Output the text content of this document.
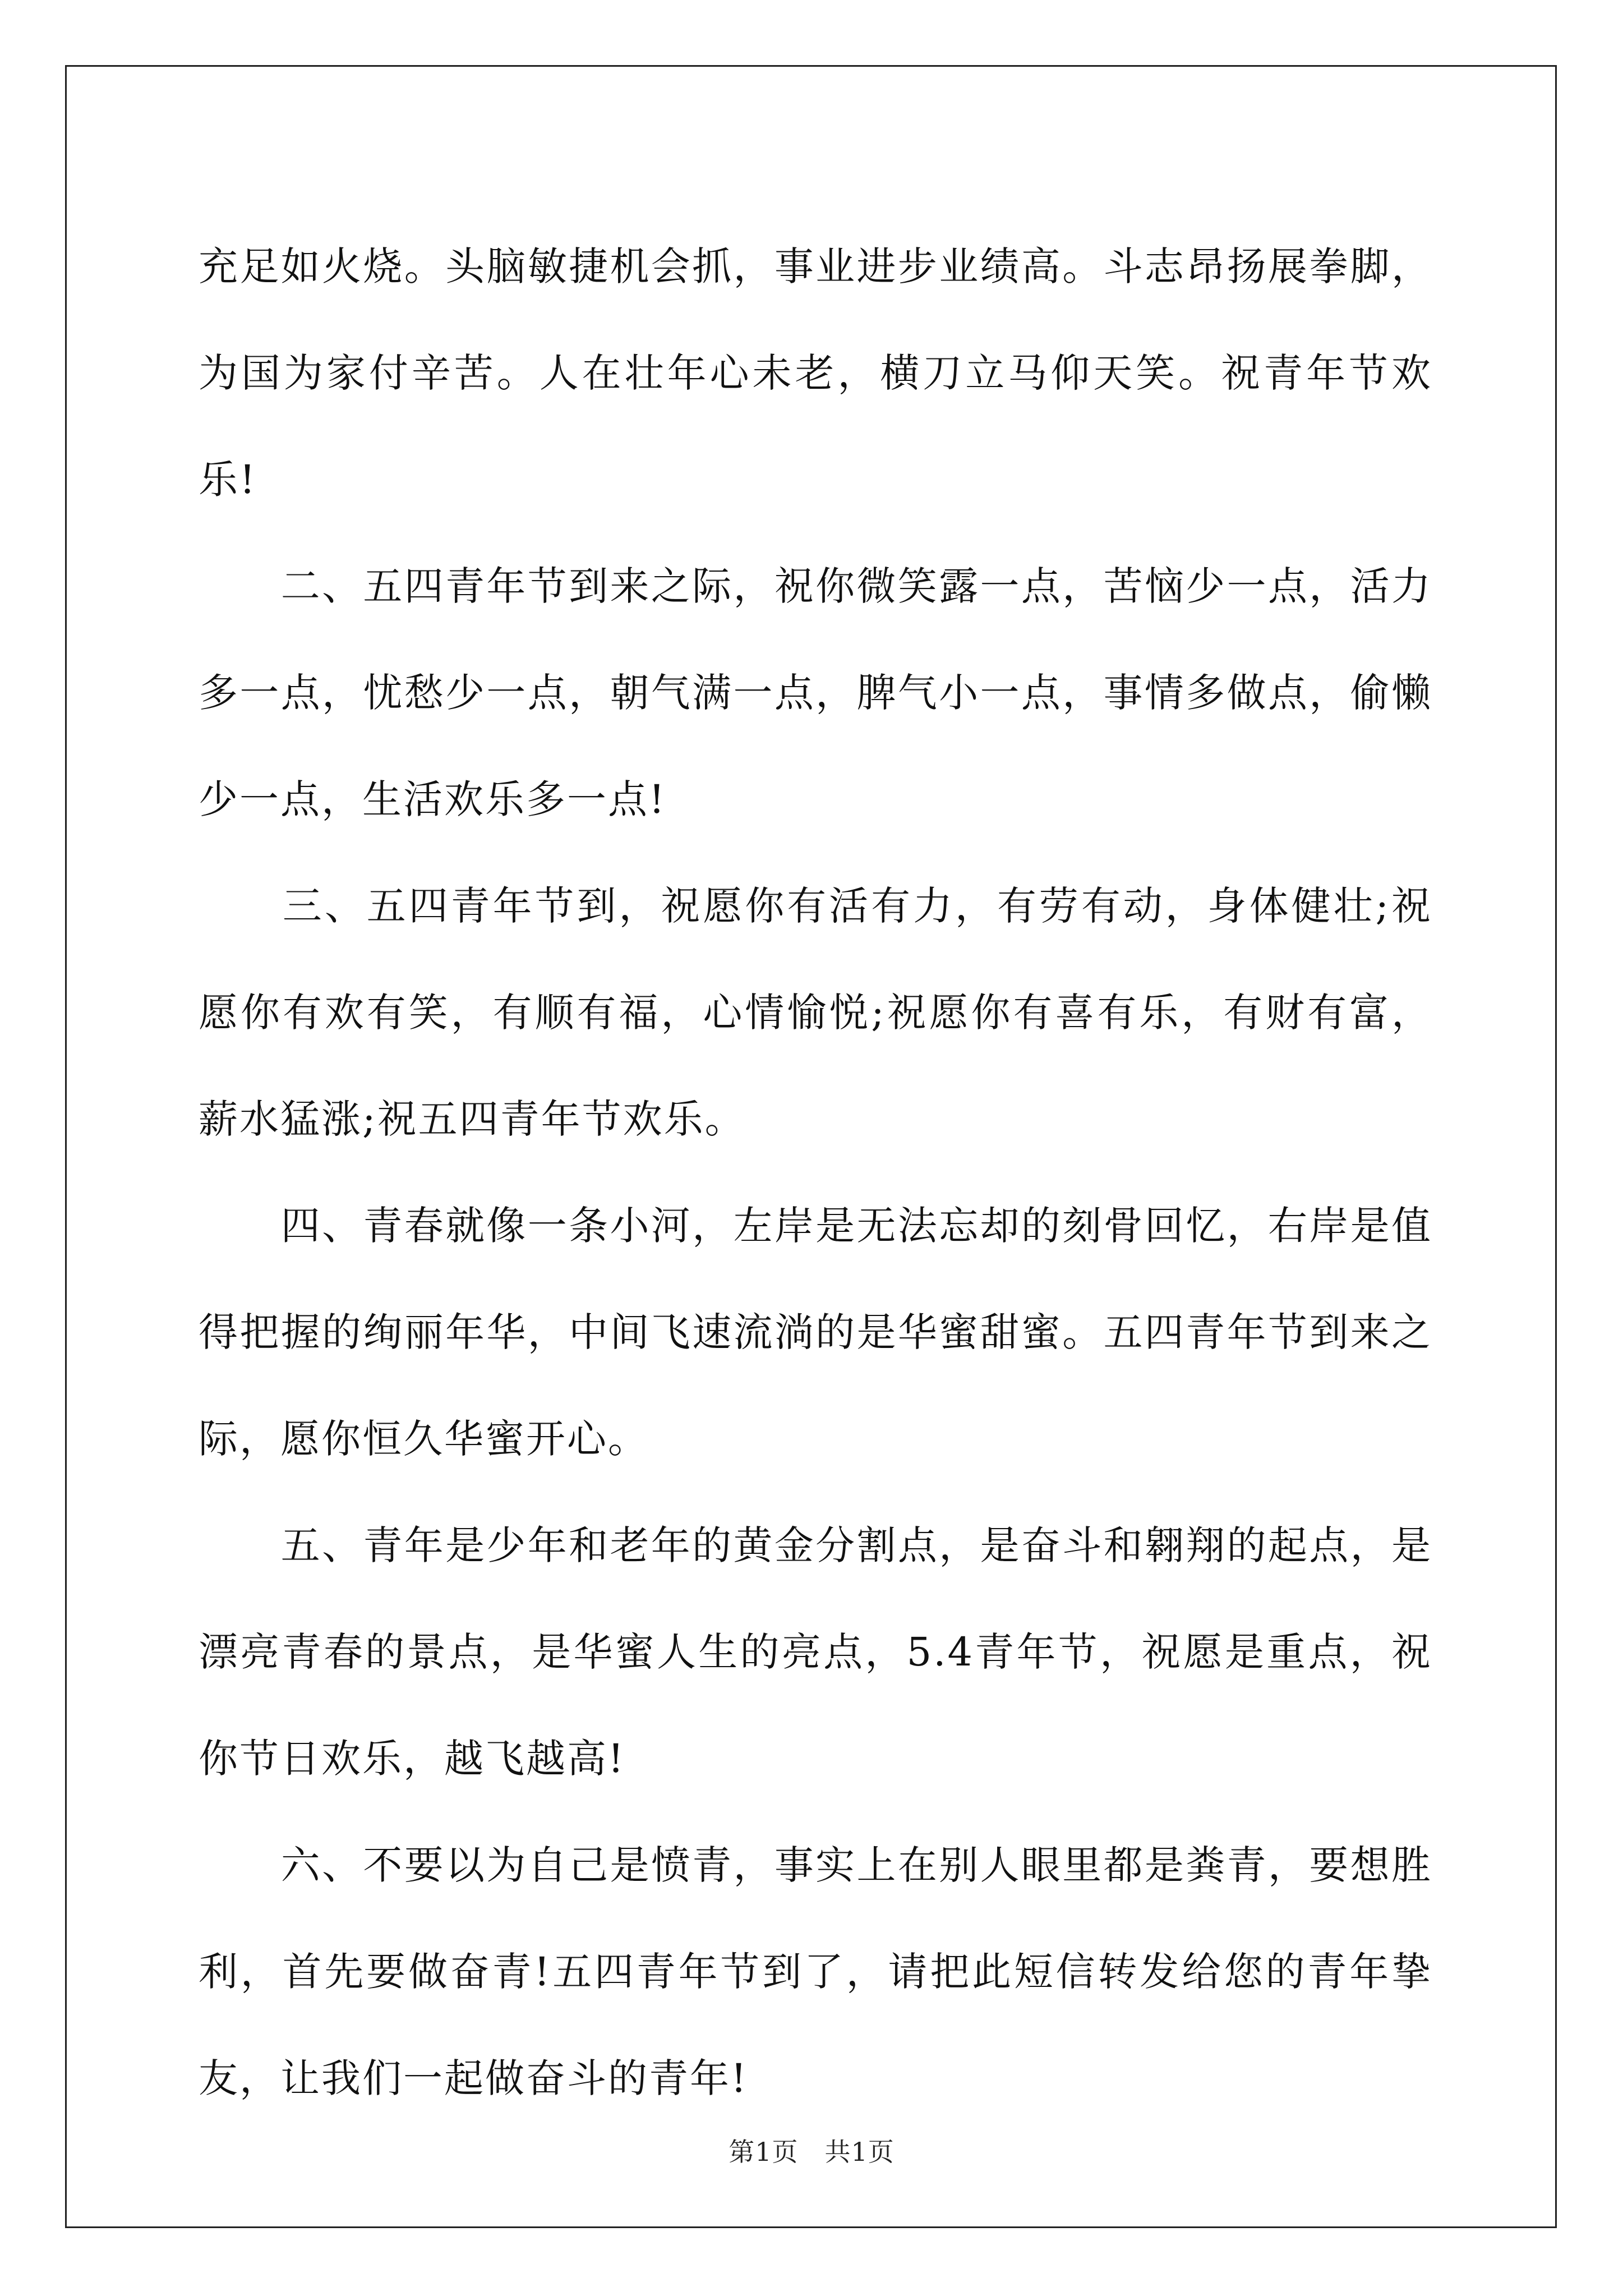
充足如火烧。头脑敏捷机会抓，事业进步业绩高。斗志昂扬展拳脚，为国为家付辛苦。人在壮年心未老，横刀立马仰天笑。祝青年节欢乐!

　　二、五四青年节到来之际，祝你微笑露一点，苦恼少一点，活力多一点，忧愁少一点，朝气满一点，脾气小一点，事情多做点，偷懒少一点，生活欢乐多一点!

　　三、五四青年节到，祝愿你有活有力，有劳有动，身体健壮;祝愿你有欢有笑，有顺有福，心情愉悦;祝愿你有喜有乐，有财有富，薪水猛涨;祝五四青年节欢乐。

　　四、青春就像一条小河，左岸是无法忘却的刻骨回忆，右岸是值得把握的绚丽年华，中间飞速流淌的是华蜜甜蜜。五四青年节到来之际，愿你恒久华蜜开心。

　　五、青年是少年和老年的黄金分割点，是奋斗和翱翔的起点，是漂亮青春的景点，是华蜜人生的亮点，5.4青年节，祝愿是重点，祝你节日欢乐，越飞越高!

　　六、不要以为自己是愤青，事实上在别人眼里都是粪青，要想胜利，首先要做奋青!五四青年节到了，请把此短信转发给您的青年挚友，让我们一起做奋斗的青年!

第1页　共1页
